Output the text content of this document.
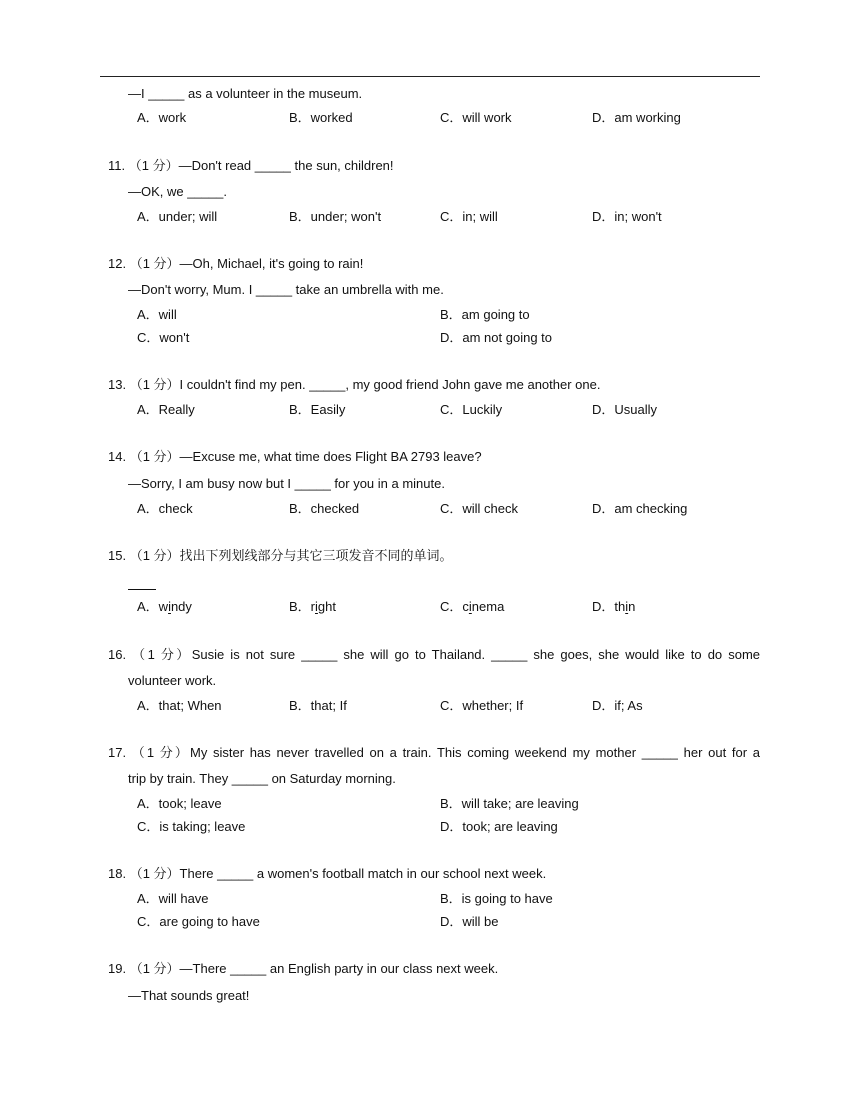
—I _____ as a volunteer in the museum.
A．work	B．worked	C．will work	D．am working
11. （1 分）—Don't read _____ the sun, children!
—OK, we _____.
A．under; will	B．under; won't	C．in; will	D．in; won't
12. （1 分）—Oh, Michael, it's going to rain!
—Don't worry, Mum. I _____ take an umbrella with me.
A．will	B．am going to
C．won't	D．am not going to
13. （1 分）I couldn't find my pen. _____, my good friend John gave me another one.
A．Really	B．Easily	C．Luckily	D．Usually
14. （1 分）—Excuse me, what time does Flight BA 2793 leave?
—Sorry, I am busy now but I _____ for you in a minute.
A．check	B．checked	C．will check	D．am checking
15. （1 分）找出下列划线部分与其它三项发音不同的单词。
A．windy	B．right	C．cinema	D．thin
16. （1 分）Susie is not sure _____ she will go to Thailand. _____ she goes, she would like to do some
volunteer work.
A．that; When	B．that; If	C．whether; If	D．if; As
17. （1 分）My sister has never travelled on a train. This coming weekend my mother _____ her out for a
trip by train. They _____ on Saturday morning.
A．took; leave	B．will take; are leaving
C．is taking; leave	D．took; are leaving
18. （1 分）There _____ a women's football match in our school next week.
A．will have	B．is going to have
C．are going to have	D．will be
19. （1 分）—There _____ an English party in our class next week.
—That sounds great!
